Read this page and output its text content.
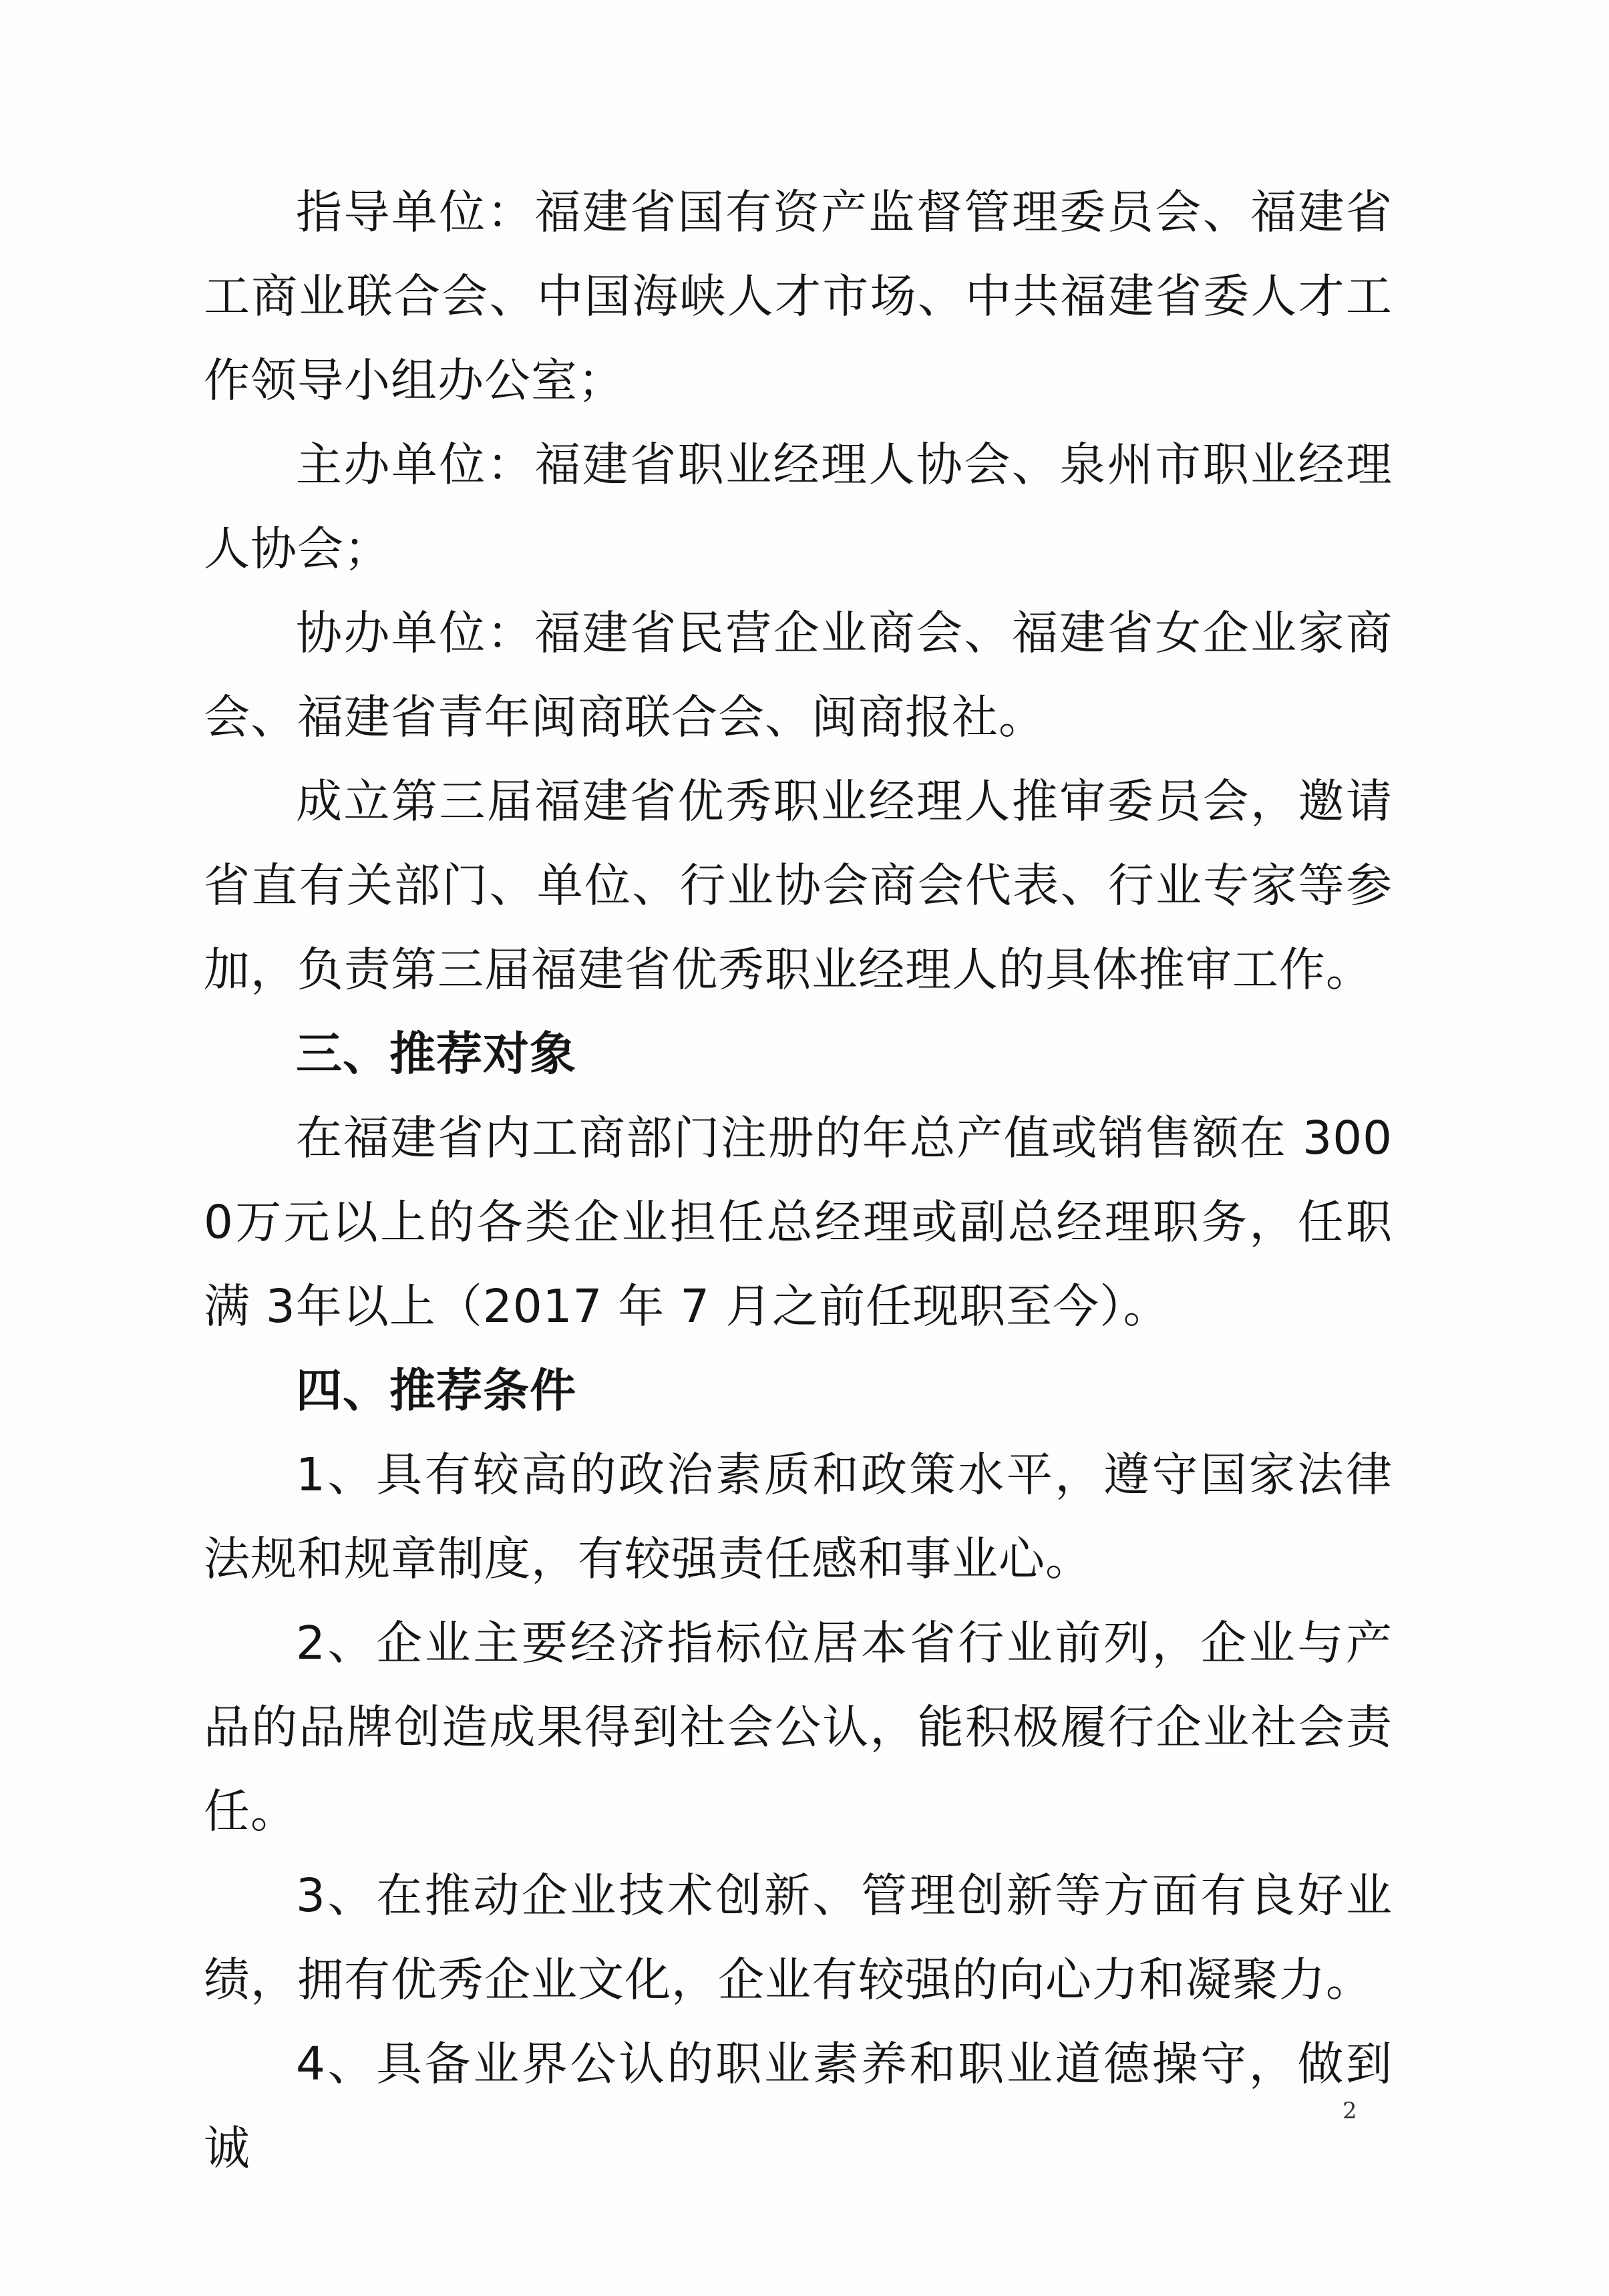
指导单位：福建省国有资产监督管理委员会、福建省工商业联合会、中国海峡人才市场、中共福建省委人才工作领导小组办公室；

主办单位：福建省职业经理人协会、泉州市职业经理人协会；

协办单位：福建省民营企业商会、福建省女企业家商会、福建省青年闽商联合会、闽商报社。

成立第三届福建省优秀职业经理人推审委员会，邀请省直有关部门、单位、行业协会商会代表、行业专家等参加，负责第三届福建省优秀职业经理人的具体推审工作。

三、推荐对象

在福建省内工商部门注册的年总产值或销售额在 3000万元以上的各类企业担任总经理或副总经理职务，任职满 3年以上（2017 年 7 月之前任现职至今）。

四、推荐条件

1、具有较高的政治素质和政策水平，遵守国家法律法规和规章制度，有较强责任感和事业心。

2、企业主要经济指标位居本省行业前列，企业与产品的品牌创造成果得到社会公认，能积极履行企业社会责任。

3、在推动企业技术创新、管理创新等方面有良好业绩，拥有优秀企业文化，企业有较强的向心力和凝聚力。

4、具备业界公认的职业素养和职业道德操守，做到诚

2
